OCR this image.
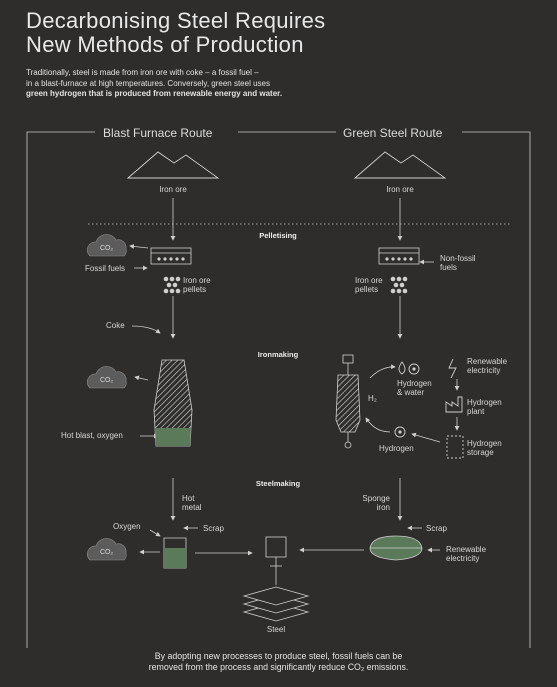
Decarbonising Steel Requires
New Methods of Production
Traditionally, steel is made from iron ore with coke – a fossil fuel –
in a blast-furnace at high temperatures. Conversely, green steel uses
green hydrogen that is produced from renewable energy and water.
Blast Furnace Route	Green Steel Route
Pelletising
Ironmaking
Steelmaking
Iron ore
CO₂
Fossil fuels
Iron ore
pellets
Coke
CO₂
Hot blast, oxygen
Hot
metal
Oxygen	Scrap
CO₂
Iron ore
Non-fossil
fuels
Iron ore
pellets
H₂
Hydrogen
& water
Hydrogen
Renewable
electricity
Hydrogen
plant
Hydrogen
storage
Sponge
iron
Scrap
Renewable
electricity
Steel
By adopting new processes to produce steel, fossil fuels can be
removed from the process and significantly reduce CO₂ emissions.
